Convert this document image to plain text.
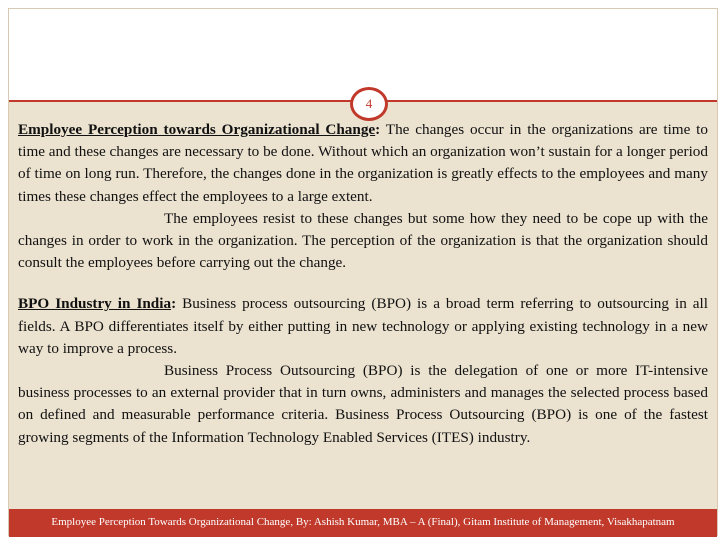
4

Employee Perception towards Organizational Change: The changes occur in the organizations are time to time and these changes are necessary to be done. Without which an organization won’t sustain for a longer period of time on long run. Therefore, the changes done in the organization is greatly effects to the employees and many times these changes effect the employees to a large extent.

The employees resist to these changes but some how they need to be cope up with the changes in order to work in the organization. The perception of the organization is that the organization should consult the employees before carrying out the change.

BPO Industry in India: Business process outsourcing (BPO) is a broad term referring to outsourcing in all fields. A BPO differentiates itself by either putting in new technology or applying existing technology in a new way to improve a process.

Business Process Outsourcing (BPO) is the delegation of one or more IT-intensive business processes to an external provider that in turn owns, administers and manages the selected process based on defined and measurable performance criteria. Business Process Outsourcing (BPO) is one of the fastest growing segments of the Information Technology Enabled Services (ITES) industry.

Employee Perception Towards Organizational Change, By: Ashish Kumar, MBA – A (Final), Gitam Institute of Management, Visakhapatnam
